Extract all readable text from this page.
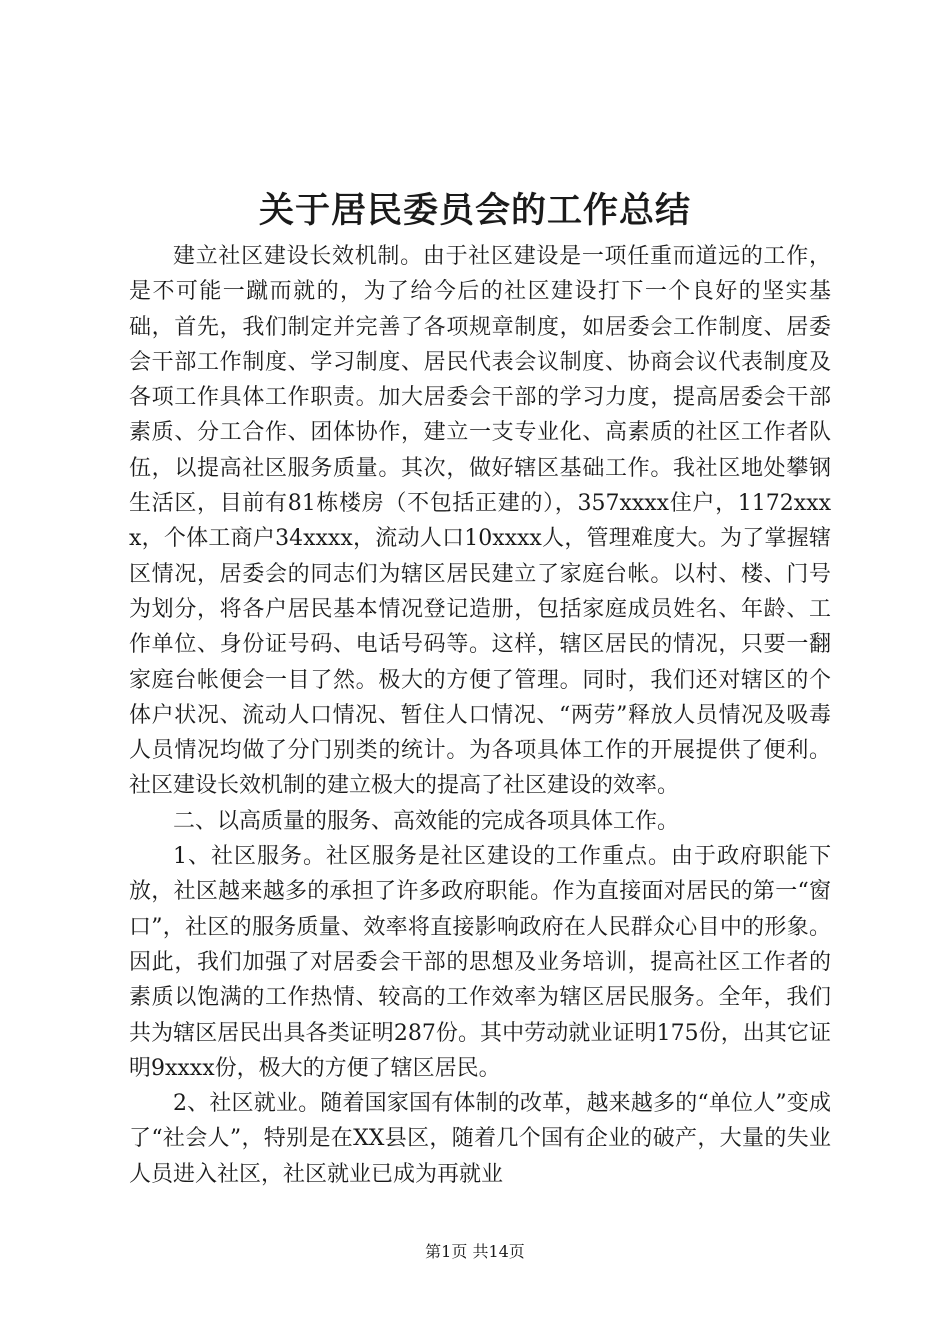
关于居民委员会的工作总结

建立社区建设长效机制。由于社区建设是一项任重而道远的工作，是不可能一蹴而就的，为了给今后的社区建设打下一个良好的坚实基础，首先，我们制定并完善了各项规章制度，如居委会工作制度、居委会干部工作制度、学习制度、居民代表会议制度、协商会议代表制度及各项工作具体工作职责。加大居委会干部的学习力度，提高居委会干部素质、分工合作、团体协作，建立一支专业化、高素质的社区工作者队伍，以提高社区服务质量。其次，做好辖区基础工作。我社区地处攀钢生活区，目前有81栋楼房（不包括正建的），357xxxx住户，1172xxxx，个体工商户34xxxx，流动人口10xxxx人，管理难度大。为了掌握辖区情况，居委会的同志们为辖区居民建立了家庭台帐。以村、楼、门号为划分，将各户居民基本情况登记造册，包括家庭成员姓名、年龄、工作单位、身份证号码、电话号码等。这样，辖区居民的情况，只要一翻家庭台帐便会一目了然。极大的方便了管理。同时，我们还对辖区的个体户状况、流动人口情况、暂住人口情况、“两劳”释放人员情况及吸毒人员情况均做了分门别类的统计。为各项具体工作的开展提供了便利。社区建设长效机制的建立极大的提高了社区建设的效率。

二、以高质量的服务、高效能的完成各项具体工作。

1、社区服务。社区服务是社区建设的工作重点。由于政府职能下放，社区越来越多的承担了许多政府职能。作为直接面对居民的第一“窗口”，社区的服务质量、效率将直接影响政府在人民群众心目中的形象。因此，我们加强了对居委会干部的思想及业务培训，提高社区工作者的素质以饱满的工作热情、较高的工作效率为辖区居民服务。全年，我们共为辖区居民出具各类证明287份。其中劳动就业证明175份，出其它证明9xxxx份，极大的方便了辖区居民。

2、社区就业。随着国家国有体制的改革，越来越多的“单位人”变成了“社会人”，特别是在XX县区，随着几个国有企业的破产，大量的失业人员进入社区，社区就业已成为再就业

第1页 共14页
